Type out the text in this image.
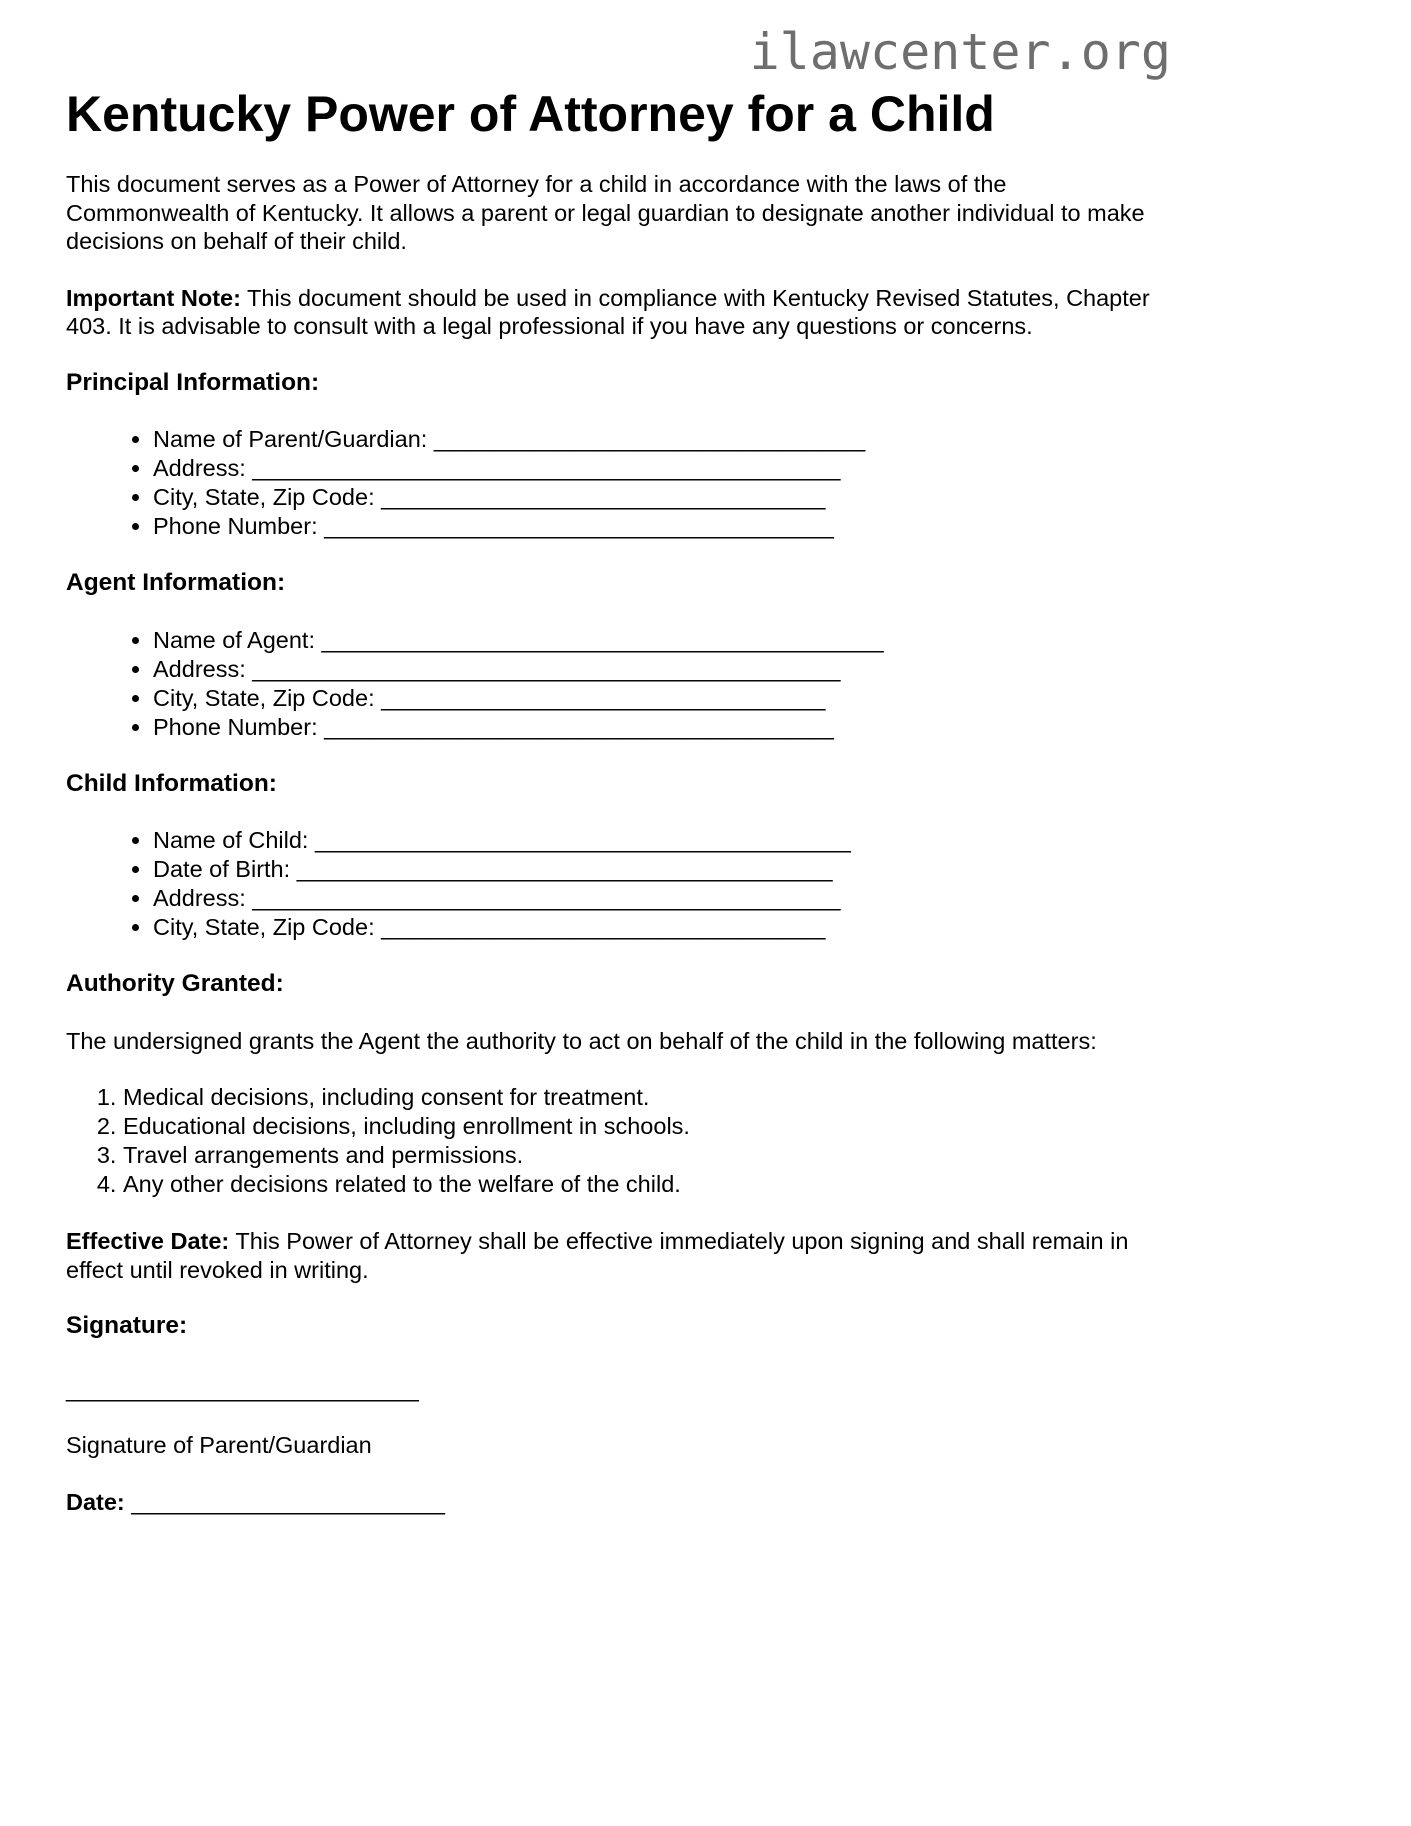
ilawcenter.org
Kentucky Power of Attorney for a Child

This document serves as a Power of Attorney for a child in accordance with the laws of the Commonwealth of Kentucky. It allows a parent or legal guardian to designate another individual to make decisions on behalf of their child.

Important Note: This document should be used in compliance with Kentucky Revised Statutes, Chapter 403. It is advisable to consult with a legal professional if you have any questions or concerns.

Principal Information:
• Name of Parent/Guardian: _________________________________
• Address: _____________________________________________
• City, State, Zip Code: __________________________________
• Phone Number: _______________________________________
Agent Information:
• Name of Agent: ___________________________________________
• Address: _____________________________________________
• City, State, Zip Code: __________________________________
• Phone Number: _______________________________________
Child Information:
• Name of Child: _________________________________________
• Date of Birth: _________________________________________
• Address: _____________________________________________
• City, State, Zip Code: __________________________________
Authority Granted:

The undersigned grants the Agent the authority to act on behalf of the child in the following matters:

1. Medical decisions, including consent for treatment.
2. Educational decisions, including enrollment in schools.
3. Travel arrangements and permissions.
4. Any other decisions related to the welfare of the child.

Effective Date: This Power of Attorney shall be effective immediately upon signing and shall remain in effect until revoked in writing.

Signature:

___________________________

Signature of Parent/Guardian

Date: ________________________
